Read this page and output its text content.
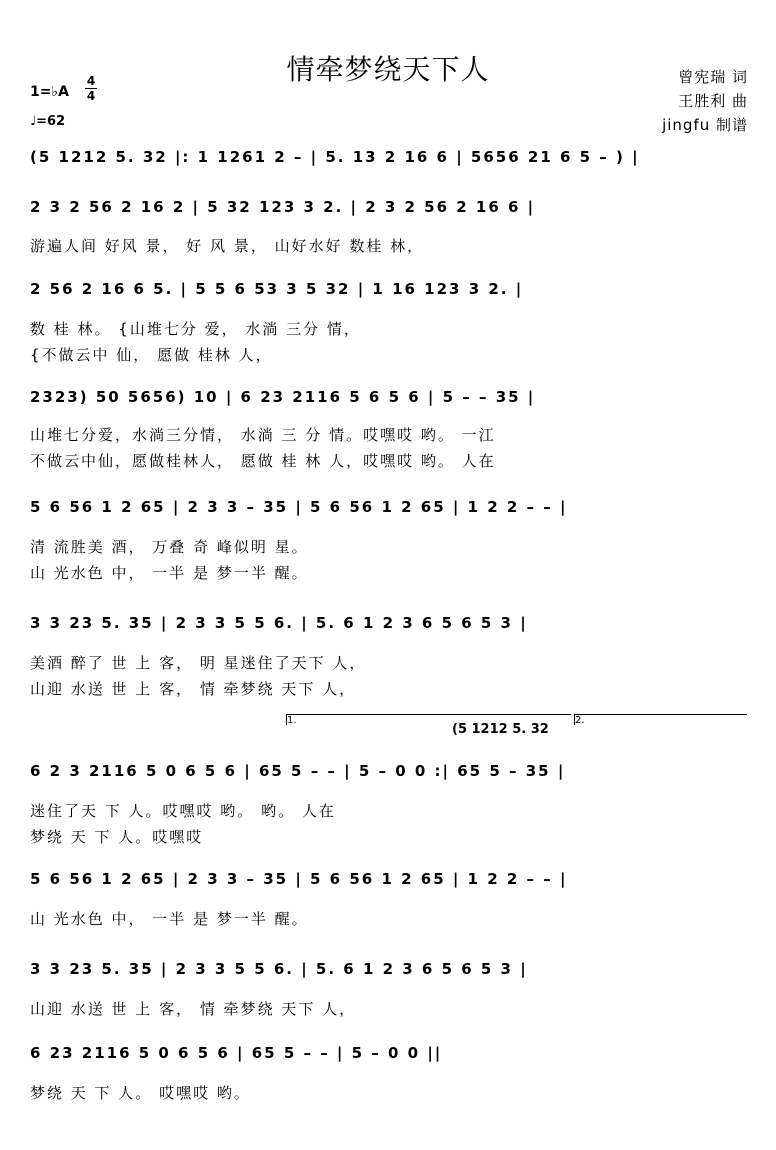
情牵梦绕天下人	曾宪瑞 词
王胜利 曲
jingfu 制谱
1=♭A
4
4
♩=62
(5 1212 5. 32 |: 1 1261 2 – | 5. 13 2 16 6 | 5656 21 6 5 – ) |
2 3 2 56 2 16 2 | 5 32 123 3 2. | 2 3 2 56 2 16 6 |
游遍人间 好风 景， 好 风 景， 山好水好 数桂 林，
2 56 2 16 6 5. | 5 5 6 53 3 5 32 | 1 16 123 3 2. |
数 桂 林。 {山堆七分 爱， 水淌 三分 情，
{不做云中 仙， 愿做 桂林 人，
2323) 50 5656) 10 | 6 23 2116 5 6 5 6 | 5 – – 35 |
山堆七分爱，水淌三分情， 水淌 三 分 情。哎嘿哎 哟。 一江
不做云中仙，愿做桂林人， 愿做 桂 林 人，哎嘿哎 哟。 人在
5 6 56 1 2 65 | 2 3 3 – 35 | 5 6 56 1 2 65 | 1 2 2 – – |
清 流胜美 酒， 万叠 奇 峰似明 星。
山 光水色 中， 一半 是 梦一半 醒。
3 3 23 5. 35 | 2 3 3 5 5 6. | 5. 6 1 2 3 6 5 6 5 3 |
美酒 醉了 世 上 客， 明 星迷住了天下 人，
山迎 水送 世 上 客， 情 牵梦绕 天下 人，
1.
(5 1212 5. 32
2.
6 2 3 2116 5 0 6 5 6 | 65 5 – – | 5 – 0 0 :| 65 5 – 35 |
迷住了天 下 人。哎嘿哎 哟。 哟。 人在
梦绕 天 下 人。哎嘿哎
5 6 56 1 2 65 | 2 3 3 – 35 | 5 6 56 1 2 65 | 1 2 2 – – |
山 光水色 中， 一半 是 梦一半 醒。
3 3 23 5. 35 | 2 3 3 5 5 6. | 5. 6 1 2 3 6 5 6 5 3 |
山迎 水送 世 上 客， 情 牵梦绕 天下 人，
6 23 2116 5 0 6 5 6 | 65 5 – – | 5 – 0 0 ||
梦绕 天 下 人。 哎嘿哎 哟。
